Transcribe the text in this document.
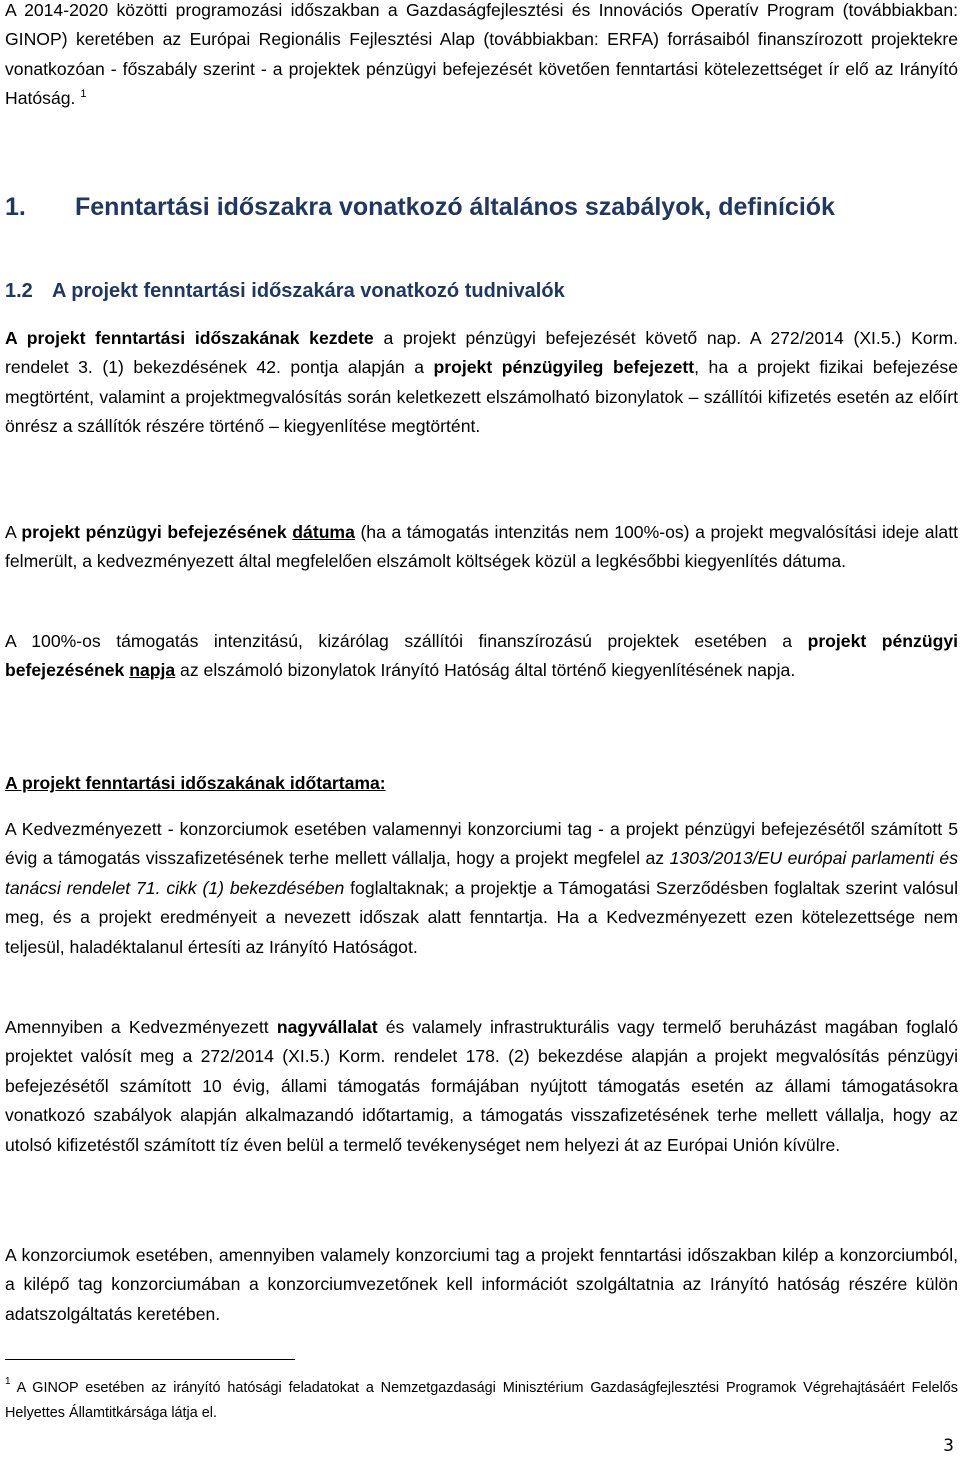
A 2014-2020 közötti programozási időszakban a Gazdaságfejlesztési és Innovációs Operatív Program (továbbiakban: GINOP) keretében az Európai Regionális Fejlesztési Alap (továbbiakban: ERFA) forrásaiból finanszírozott projektekre vonatkozóan - főszabály szerint - a projektek pénzügyi befejezését követően fenntartási kötelezettséget ír elő az Irányító Hatóság. $^1$

1. Fenntartási időszakra vonatkozó általános szabályok, definíciók
1.2 A projekt fenntartási időszakára vonatkozó tudnivalók

A projekt fenntartási időszakának kezdete a projekt pénzügyi befejezését követő nap. A 272/2014 (XI.5.) Korm. rendelet 3. (1) bekezdésének 42. pontja alapján a projekt pénzügyileg befejezett, ha a projekt fizikai befejezése megtörtént, valamint a projektmegvalósítás során keletkezett elszámolható bizonylatok – szállítói kifizetés esetén az előírt önrész a szállítók részére történő – kiegyenlítése megtörtént.

A projekt pénzügyi befejezésének dátuma (ha a támogatás intenzitás nem 100%-os) a projekt megvalósítási ideje alatt felmerült, a kedvezményezett által megfelelően elszámolt költségek közül a legkésőbbi kiegyenlítés dátuma.

A 100%-os támogatás intenzitású, kizárólag szállítói finanszírozású projektek esetében a projekt pénzügyi befejezésének napja az elszámoló bizonylatok Irányító Hatóság által történő kiegyenlítésének napja.

A projekt fenntartási időszakának időtartama:

A Kedvezményezett - konzorciumok esetében valamennyi konzorciumi tag - a projekt pénzügyi befejezésétől számított 5 évig a támogatás visszafizetésének terhe mellett vállalja, hogy a projekt megfelel az 1303/2013/EU európai parlamenti és tanácsi rendelet 71. cikk (1) bekezdésében foglaltaknak; a projektje a Támogatási Szerződésben foglaltak szerint valósul meg, és a projekt eredményeit a nevezett időszak alatt fenntartja. Ha a Kedvezményezett ezen kötelezettsége nem teljesül, haladéktalanul értesíti az Irányító Hatóságot.

Amennyiben a Kedvezményezett nagyvállalat és valamely infrastrukturális vagy termelő beruházást magában foglaló projektet valósít meg a 272/2014 (XI.5.) Korm. rendelet 178. (2) bekezdése alapján a projekt megvalósítás pénzügyi befejezésétől számított 10 évig, állami támogatás formájában nyújtott támogatás esetén az állami támogatásokra vonatkozó szabályok alapján alkalmazandó időtartamig, a támogatás visszafizetésének terhe mellett vállalja, hogy az utolsó kifizetéstől számított tíz éven belül a termelő tevékenységet nem helyezi át az Európai Unión kívülre.

A konzorciumok esetében, amennyiben valamely konzorciumi tag a projekt fenntartási időszakban kilép a konzorciumból, a kilépő tag konzorciumában a konzorciumvezetőnek kell információt szolgáltatnia az Irányító hatóság részére külön adatszolgáltatás keretében.

$^1$ A GINOP esetében az irányító hatósági feladatokat a Nemzetgazdasági Minisztérium Gazdaságfejlesztési Programok Végrehajtásáért Felelős Helyettes Államtitkársága látja el.

3
